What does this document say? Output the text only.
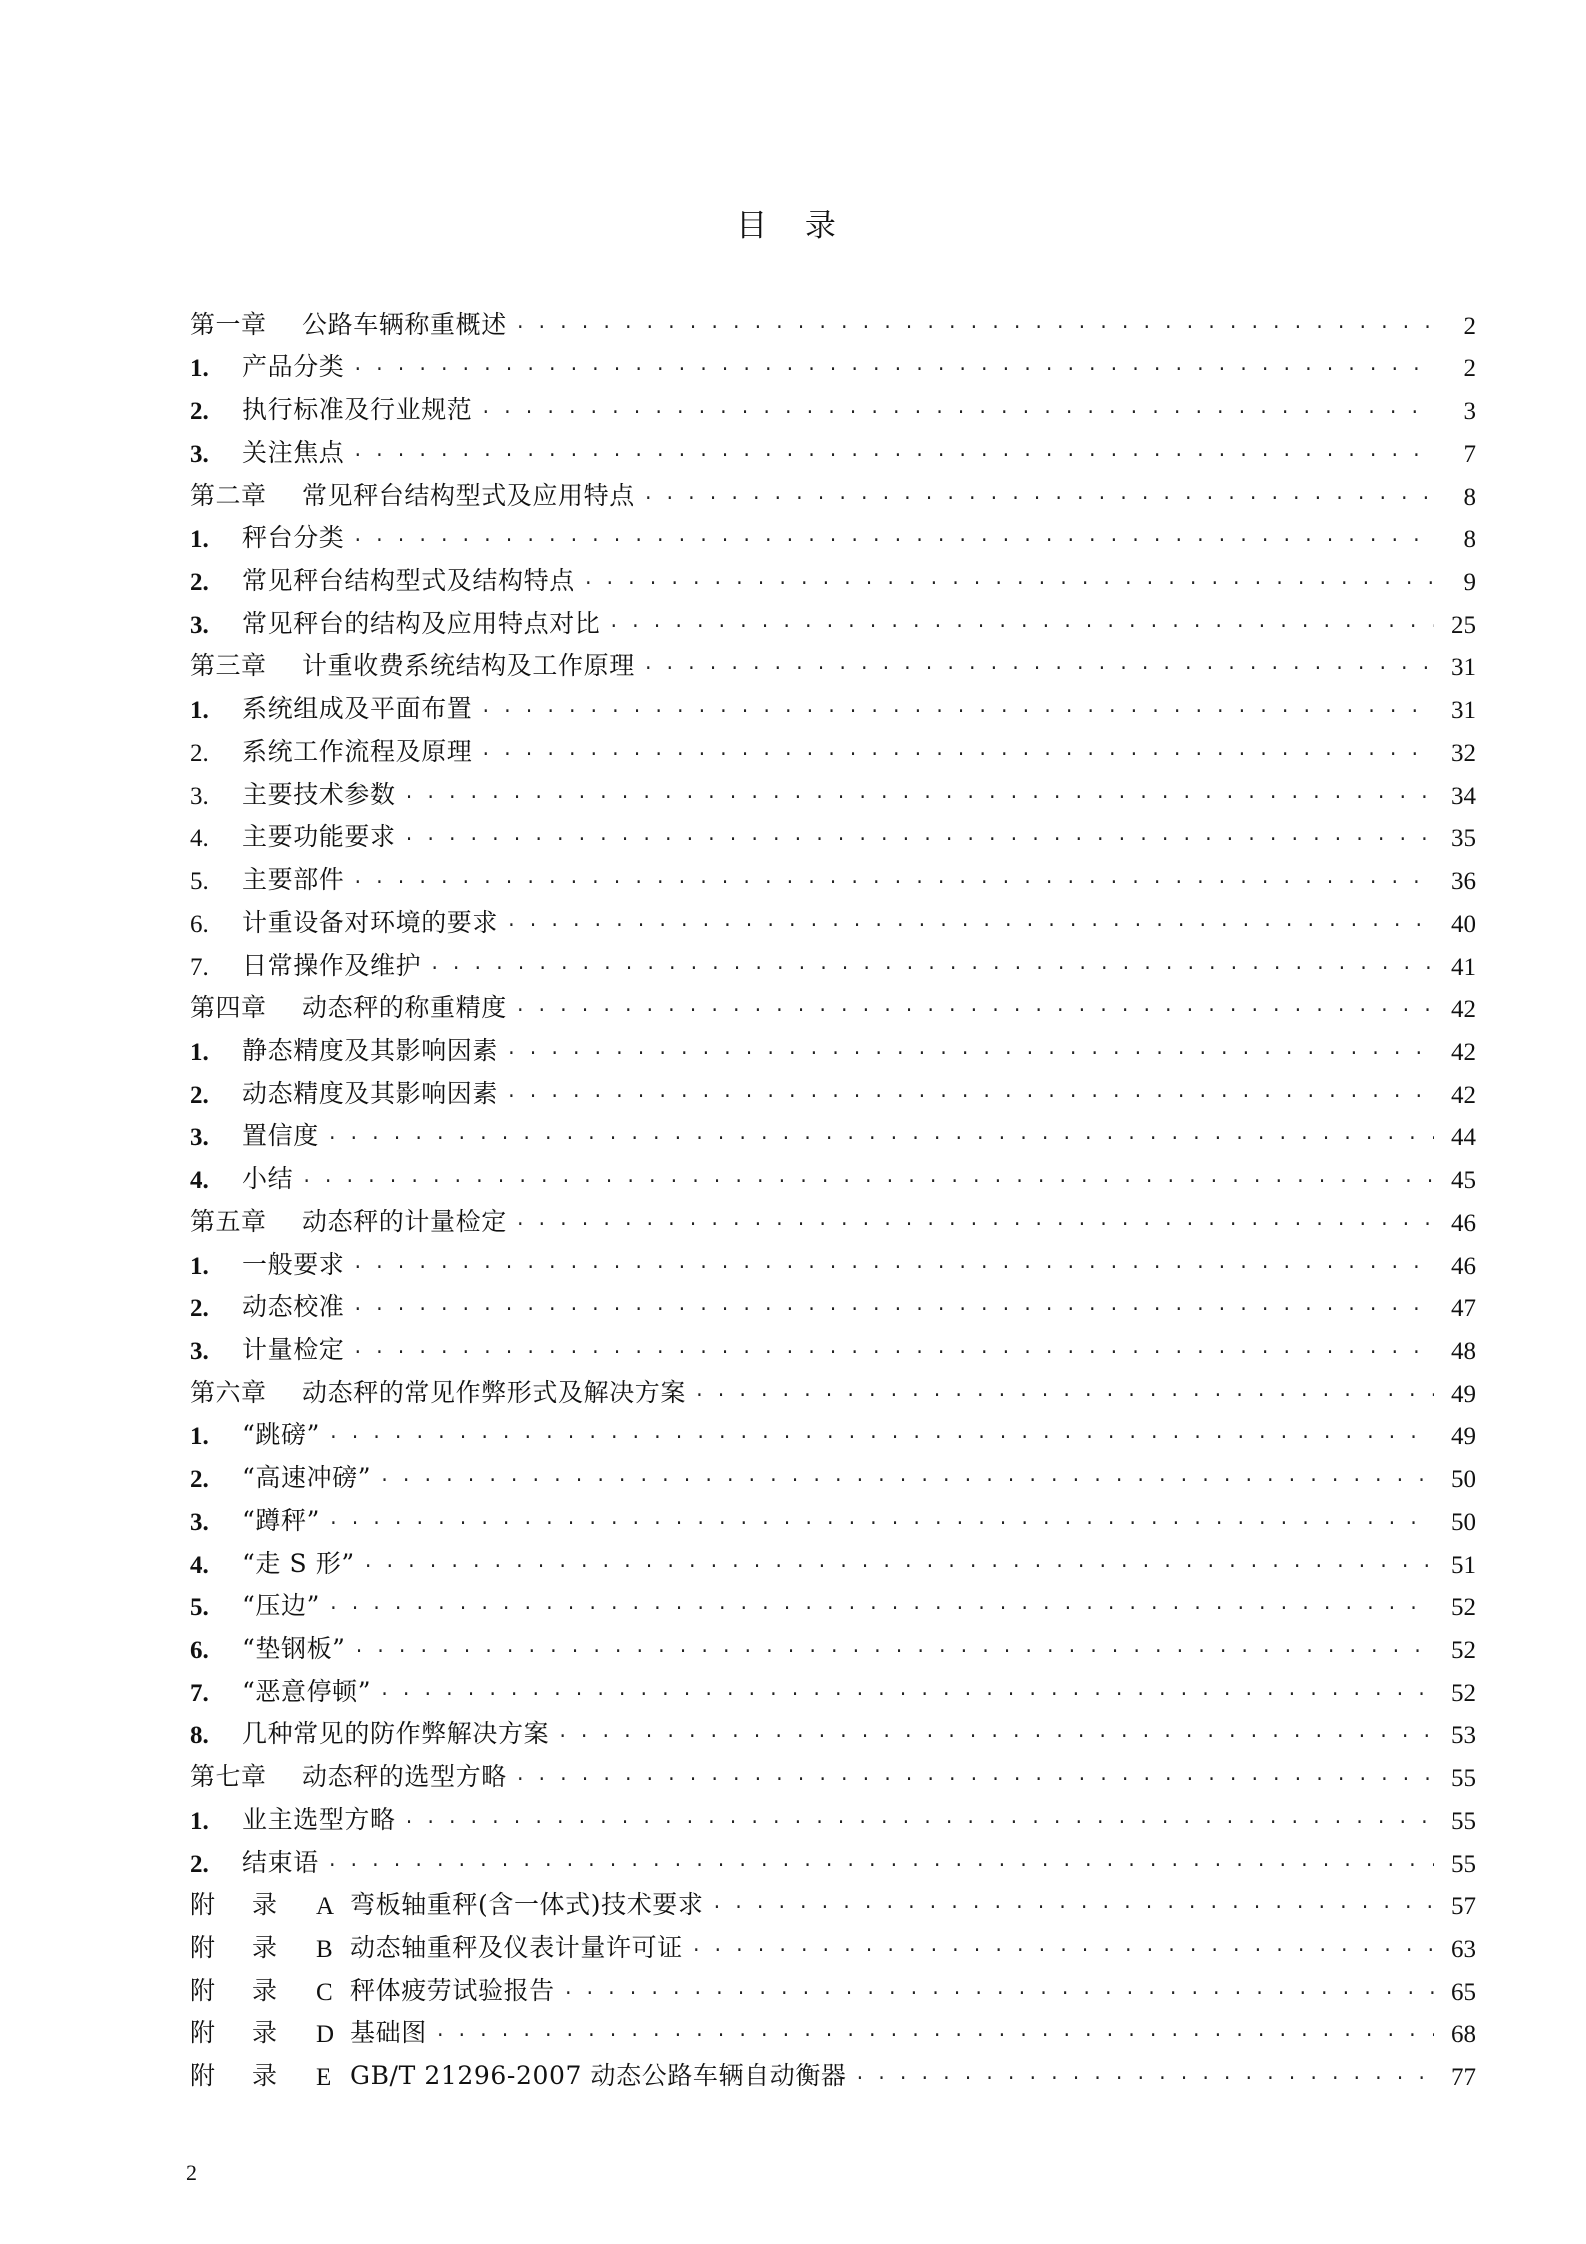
目 录
第一章	公路车辆称重概述 . . .	2
1.	产品分类 . . .	2
2.	执行标准及行业规范 . . .	3
3.	关注焦点 . . .	7
第二章	常见秤台结构型式及应用特点 . . .	8
1.	秤台分类 . . .	8
2.	常见秤台结构型式及结构特点 . . .	9
3.	常见秤台的结构及应用特点对比 . . .	25
第三章	计重收费系统结构及工作原理 . . .	31
1.	系统组成及平面布置 . . .	31
2.	系统工作流程及原理 . . .	32
3.	主要技术参数 . . .	34
4.	主要功能要求 . . .	35
5.	主要部件 . . .	36
6.	计重设备对环境的要求 . . .	40
7.	日常操作及维护 . . .	41
第四章	动态秤的称重精度 . . .	42
1.	静态精度及其影响因素 . . .	42
2.	动态精度及其影响因素 . . .	42
3.	置信度 . . .	44
4.	小结 . . .	45
第五章	动态秤的计量检定 . . .	46
1.	一般要求 . . .	46
2.	动态校准 . . .	47
3.	计量检定 . . .	48
第六章	动态秤的常见作弊形式及解决方案 . . .	49
1.	“跳磅” . . .	49
2.	“高速冲磅” . . .	50
3.	“蹲秤” . . .	50
4.	“走 S 形” . . .	51
5.	“压边” . . .	52
6.	“垫钢板” . . .	52
7.	“恶意停顿” . . .	52
8.	几种常见的防作弊解决方案 . . .	53
第七章	动态秤的选型方略 . . .	55
1.	业主选型方略 . . .	55
2.	结束语 . . .	55
附 录	A 弯板轴重秤(含一体式)技术要求 . . .	57
附 录	B 动态轴重秤及仪表计量许可证 . . .	63
附 录	C 秤体疲劳试验报告 . . .	65
附 录	D 基础图 . . .	68
附 录	E GB/T 21296-2007 动态公路车辆自动衡器 . . .	77
2
